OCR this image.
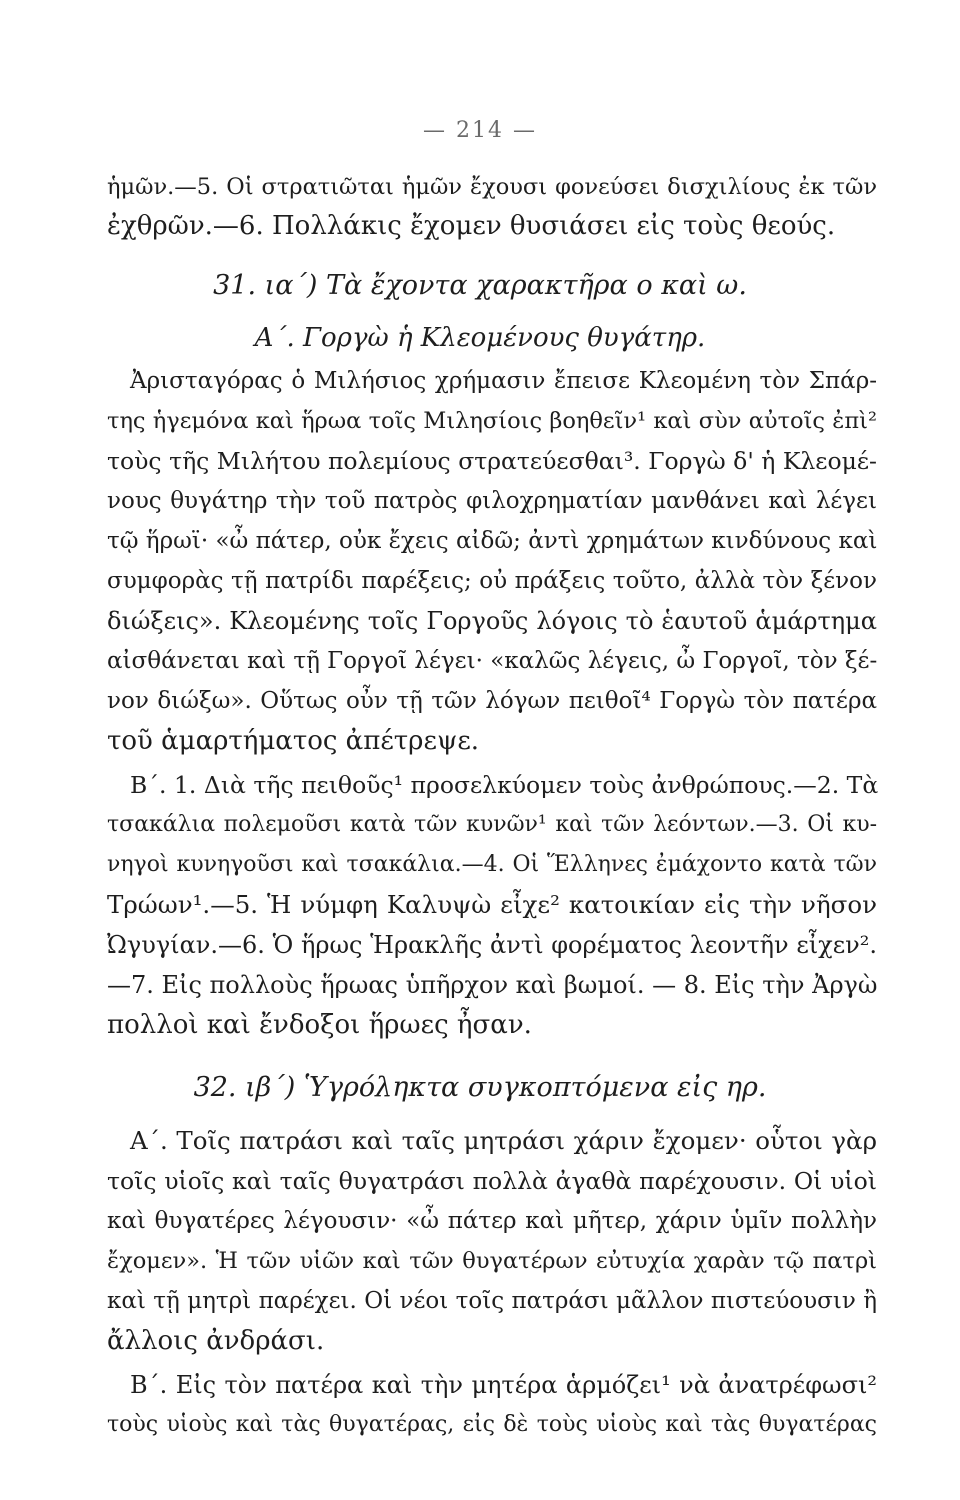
— 214 —
ἡμῶν.—5. Οἱ στρατιῶται ἡμῶν ἔχουσι φονεύσει δισχιλίους ἐκ τῶν
ἐχθρῶν.—6. Πολλάκις ἔχομεν θυσιάσει εἰς τοὺς θεούς.
31. ια΄) Τὰ ἔχοντα χαρακτῆρα ο καὶ ω.
Α΄. Γοργὼ ἡ Κλεομένους θυγάτηρ.
Ἀρισταγόρας ὁ Μιλήσιος χρήμασιν ἔπεισε Κλεομένη τὸν Σπάρ-
της ἡγεμόνα καὶ ἥρωα τοῖς Μιλησίοις βοηθεῖν¹ καὶ σὺν αὐτοῖς ἐπὶ²
τοὺς τῆς Μιλήτου πολεμίους στρατεύεσθαι³. Γοργὼ δ' ἡ Κλεομέ-
νους θυγάτηρ τὴν τοῦ πατρὸς φιλοχρηματίαν μανθάνει καὶ λέγει
τῷ ἥρωϊ· «ὦ πάτερ, οὐκ ἔχεις αἰδῶ; ἀντὶ χρημάτων κινδύνους καὶ
συμφορὰς τῇ πατρίδι παρέξεις; οὐ πράξεις τοῦτο, ἀλλὰ τὸν ξένον
διώξεις». Κλεομένης τοῖς Γοργοῦς λόγοις τὸ ἑαυτοῦ ἁμάρτημα
αἰσθάνεται καὶ τῇ Γοργοῖ λέγει· «καλῶς λέγεις, ὦ Γοργοῖ, τὸν ξέ-
νον διώξω». Οὕτως οὖν τῇ τῶν λόγων πειθοῖ⁴ Γοργὼ τὸν πατέρα
τοῦ ἁμαρτήματος ἀπέτρεψε.
Β΄. 1. Διὰ τῆς πειθοῦς¹ προσελκύομεν τοὺς ἀνθρώπους.—2. Τὰ
τσακάλια πολεμοῦσι κατὰ τῶν κυνῶν¹ καὶ τῶν λεόντων.—3. Οἱ κυ-
νηγοὶ κυνηγοῦσι καὶ τσακάλια.—4. Οἱ Ἕλληνες ἐμάχοντο κατὰ τῶν
Τρώων¹.—5. Ἡ νύμφη Καλυψὼ εἶχε² κατοικίαν εἰς τὴν νῆσον
Ὠγυγίαν.—6. Ὁ ἥρως Ἡρακλῆς ἀντὶ φορέματος λεοντῆν εἶχεν².
—7. Εἰς πολλοὺς ἥρωας ὑπῆρχον καὶ βωμοί. — 8. Εἰς τὴν Ἀργὼ
πολλοὶ καὶ ἔνδοξοι ἥρωες ἦσαν.
32. ιβ΄) Ὑγρόληκτα συγκοπτόμενα εἰς ηρ.
Α΄. Τοῖς πατράσι καὶ ταῖς μητράσι χάριν ἔχομεν· οὗτοι γὰρ
τοῖς υἱοῖς καὶ ταῖς θυγατράσι πολλὰ ἀγαθὰ παρέχουσιν. Οἱ υἱοὶ
καὶ θυγατέρες λέγουσιν· «ὦ πάτερ καὶ μῆτερ, χάριν ὑμῖν πολλὴν
ἔχομεν». Ἡ τῶν υἱῶν καὶ τῶν θυγατέρων εὐτυχία χαρὰν τῷ πατρὶ
καὶ τῇ μητρὶ παρέχει. Οἱ νέοι τοῖς πατράσι μᾶλλον πιστεύουσιν ἢ
ἄλλοις ἀνδράσι.
Β΄. Εἰς τὸν πατέρα καὶ τὴν μητέρα ἁρμόζει¹ νὰ ἀνατρέφωσι²
τοὺς υἱοὺς καὶ τὰς θυγατέρας, εἰς δὲ τοὺς υἱοὺς καὶ τὰς θυγατέρας
